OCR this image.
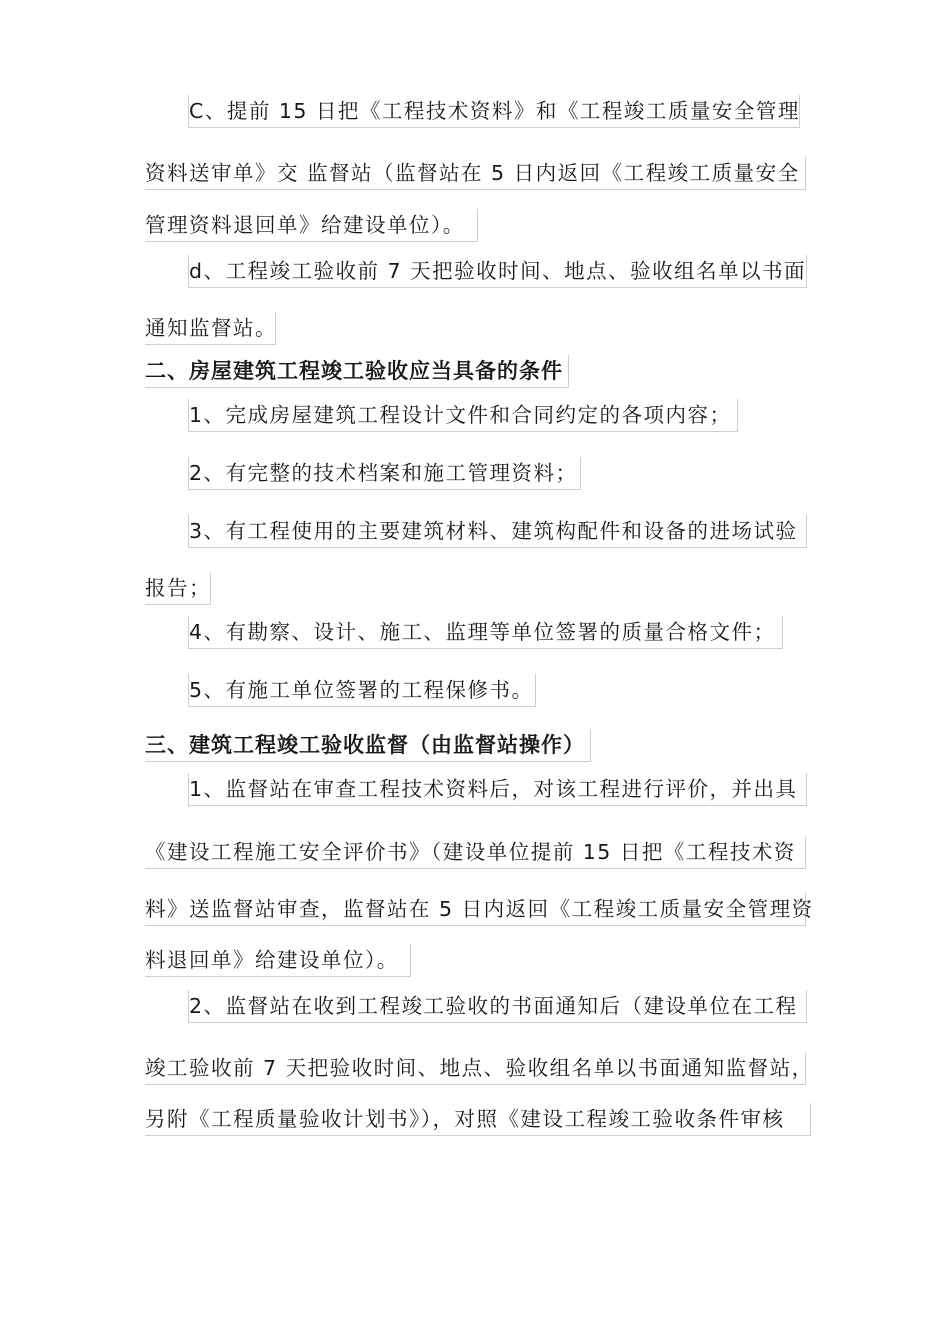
C、提前 15 日把《工程技术资料》和《工程竣工质量安全管理

资料送审单》交 监督站（监督站在 5 日内返回《工程竣工质量安全

管理资料退回单》给建设单位）。

d、工程竣工验收前 7 天把验收时间、地点、验收组名单以书面

通知监督站。

二、房屋建筑工程竣工验收应当具备的条件

1、完成房屋建筑工程设计文件和合同约定的各项内容；

2、有完整的技术档案和施工管理资料；

3、有工程使用的主要建筑材料、建筑构配件和设备的进场试验

报告；

4、有勘察、设计、施工、监理等单位签署的质量合格文件；

5、有施工单位签署的工程保修书。

三、建筑工程竣工验收监督（由监督站操作）

1、监督站在审查工程技术资料后，对该工程进行评价，并出具

《建设工程施工安全评价书》（建设单位提前 15 日把《工程技术资

料》送监督站审查，监督站在 5 日内返回《工程竣工质量安全管理资

料退回单》给建设单位）。

2、监督站在收到工程竣工验收的书面通知后（建设单位在工程

竣工验收前 7 天把验收时间、地点、验收组名单以书面通知监督站，

另附《工程质量验收计划书》），对照《建设工程竣工验收条件审核
